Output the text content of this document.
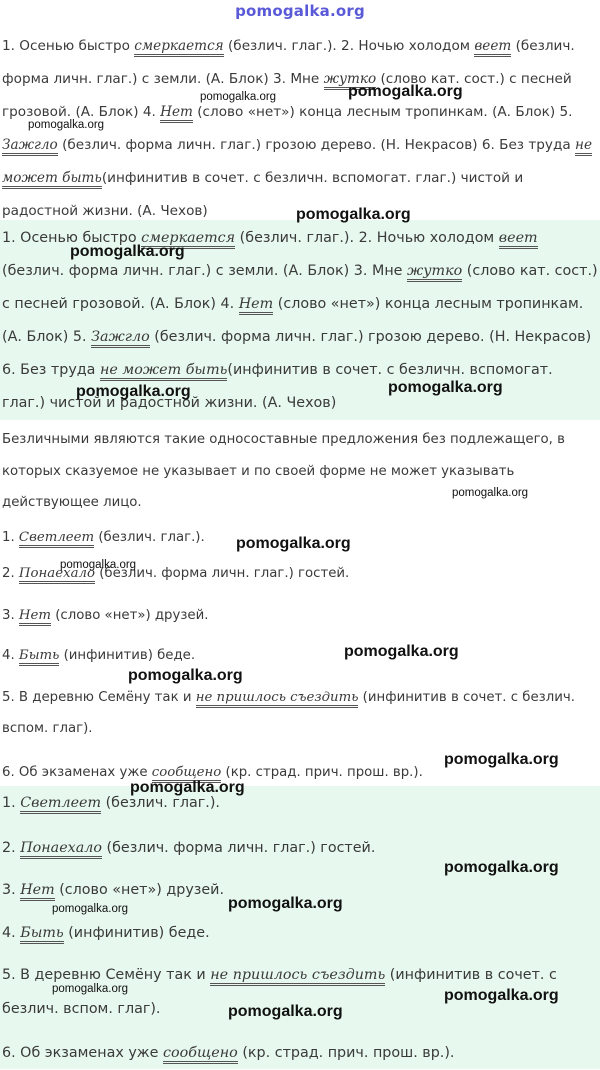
pomogalka.org
1. Осенью быстро смеркается (безлич. глаг.). 2. Ночью холодом веет (безлич. форма личн. глаг.) с земли. (А. Блок) 3. Мне жутко (слово кат. сост.) с песней грозовой. (А. Блок) 4. Нет (слово «нет») конца лесным тропинкам. (А. Блок) 5. Зажгло (безлич. форма личн. глаг.) грозою дерево. (Н. Некрасов) 6. Без труда не может быть(инфинитив в сочет. с безличн. вспомогат. глаг.) чистой и радостной жизни. (А. Чехов)
1. Осенью быстро смеркается (безлич. глаг.). 2. Ночью холодом веет (безлич. форма личн. глаг.) с земли. (А. Блок) 3. Мне жутко (слово кат. сост.) с песней грозовой. (А. Блок) 4. Нет (слово «нет») конца лесным тропинкам. (А. Блок) 5. Зажгло (безлич. форма личн. глаг.) грозою дерево. (Н. Некрасов) 6. Без труда не может быть(инфинитив в сочет. с безличн. вспомогат. глаг.) чистой и радостной жизни. (А. Чехов)
Безличными являются такие односоставные предложения без подлежащего, в которых сказуемое не указывает и по своей форме не может указывать действующее лицо.
1. Светлеет (безлич. глаг.).
2. Понаехало (безлич. форма личн. глаг.) гостей.
3. Нет (слово «нет») друзей.
4. Быть (инфинитив) беде.
5. В деревню Семёну так и не пришлось съездить (инфинитив в сочет. с безлич. вспом. глаг).
6. Об экзаменах уже сообщено (кр. страд. прич. прош. вр.).
1. Светлеет (безлич. глаг.).
2. Понаехало (безлич. форма личн. глаг.) гостей.
3. Нет (слово «нет») друзей.
4. Быть (инфинитив) беде.
5. В деревню Семёну так и не пришлось съездить (инфинитив в сочет. с безлич. вспом. глаг).
6. Об экзаменах уже сообщено (кр. страд. прич. прош. вр.).
pomogalka.org	pomogalka.org
pomogalka.org
pomogalka.org
pomogalka.org
pomogalka.org	pomogalka.org
pomogalka.org
pomogalka.org
pomogalka.org
pomogalka.org
pomogalka.org
pomogalka.org
pomogalka.org
pomogalka.org
pomogalka.org
pomogalka.org
pomogalka.org	pomogalka.org
pomogalka.org
